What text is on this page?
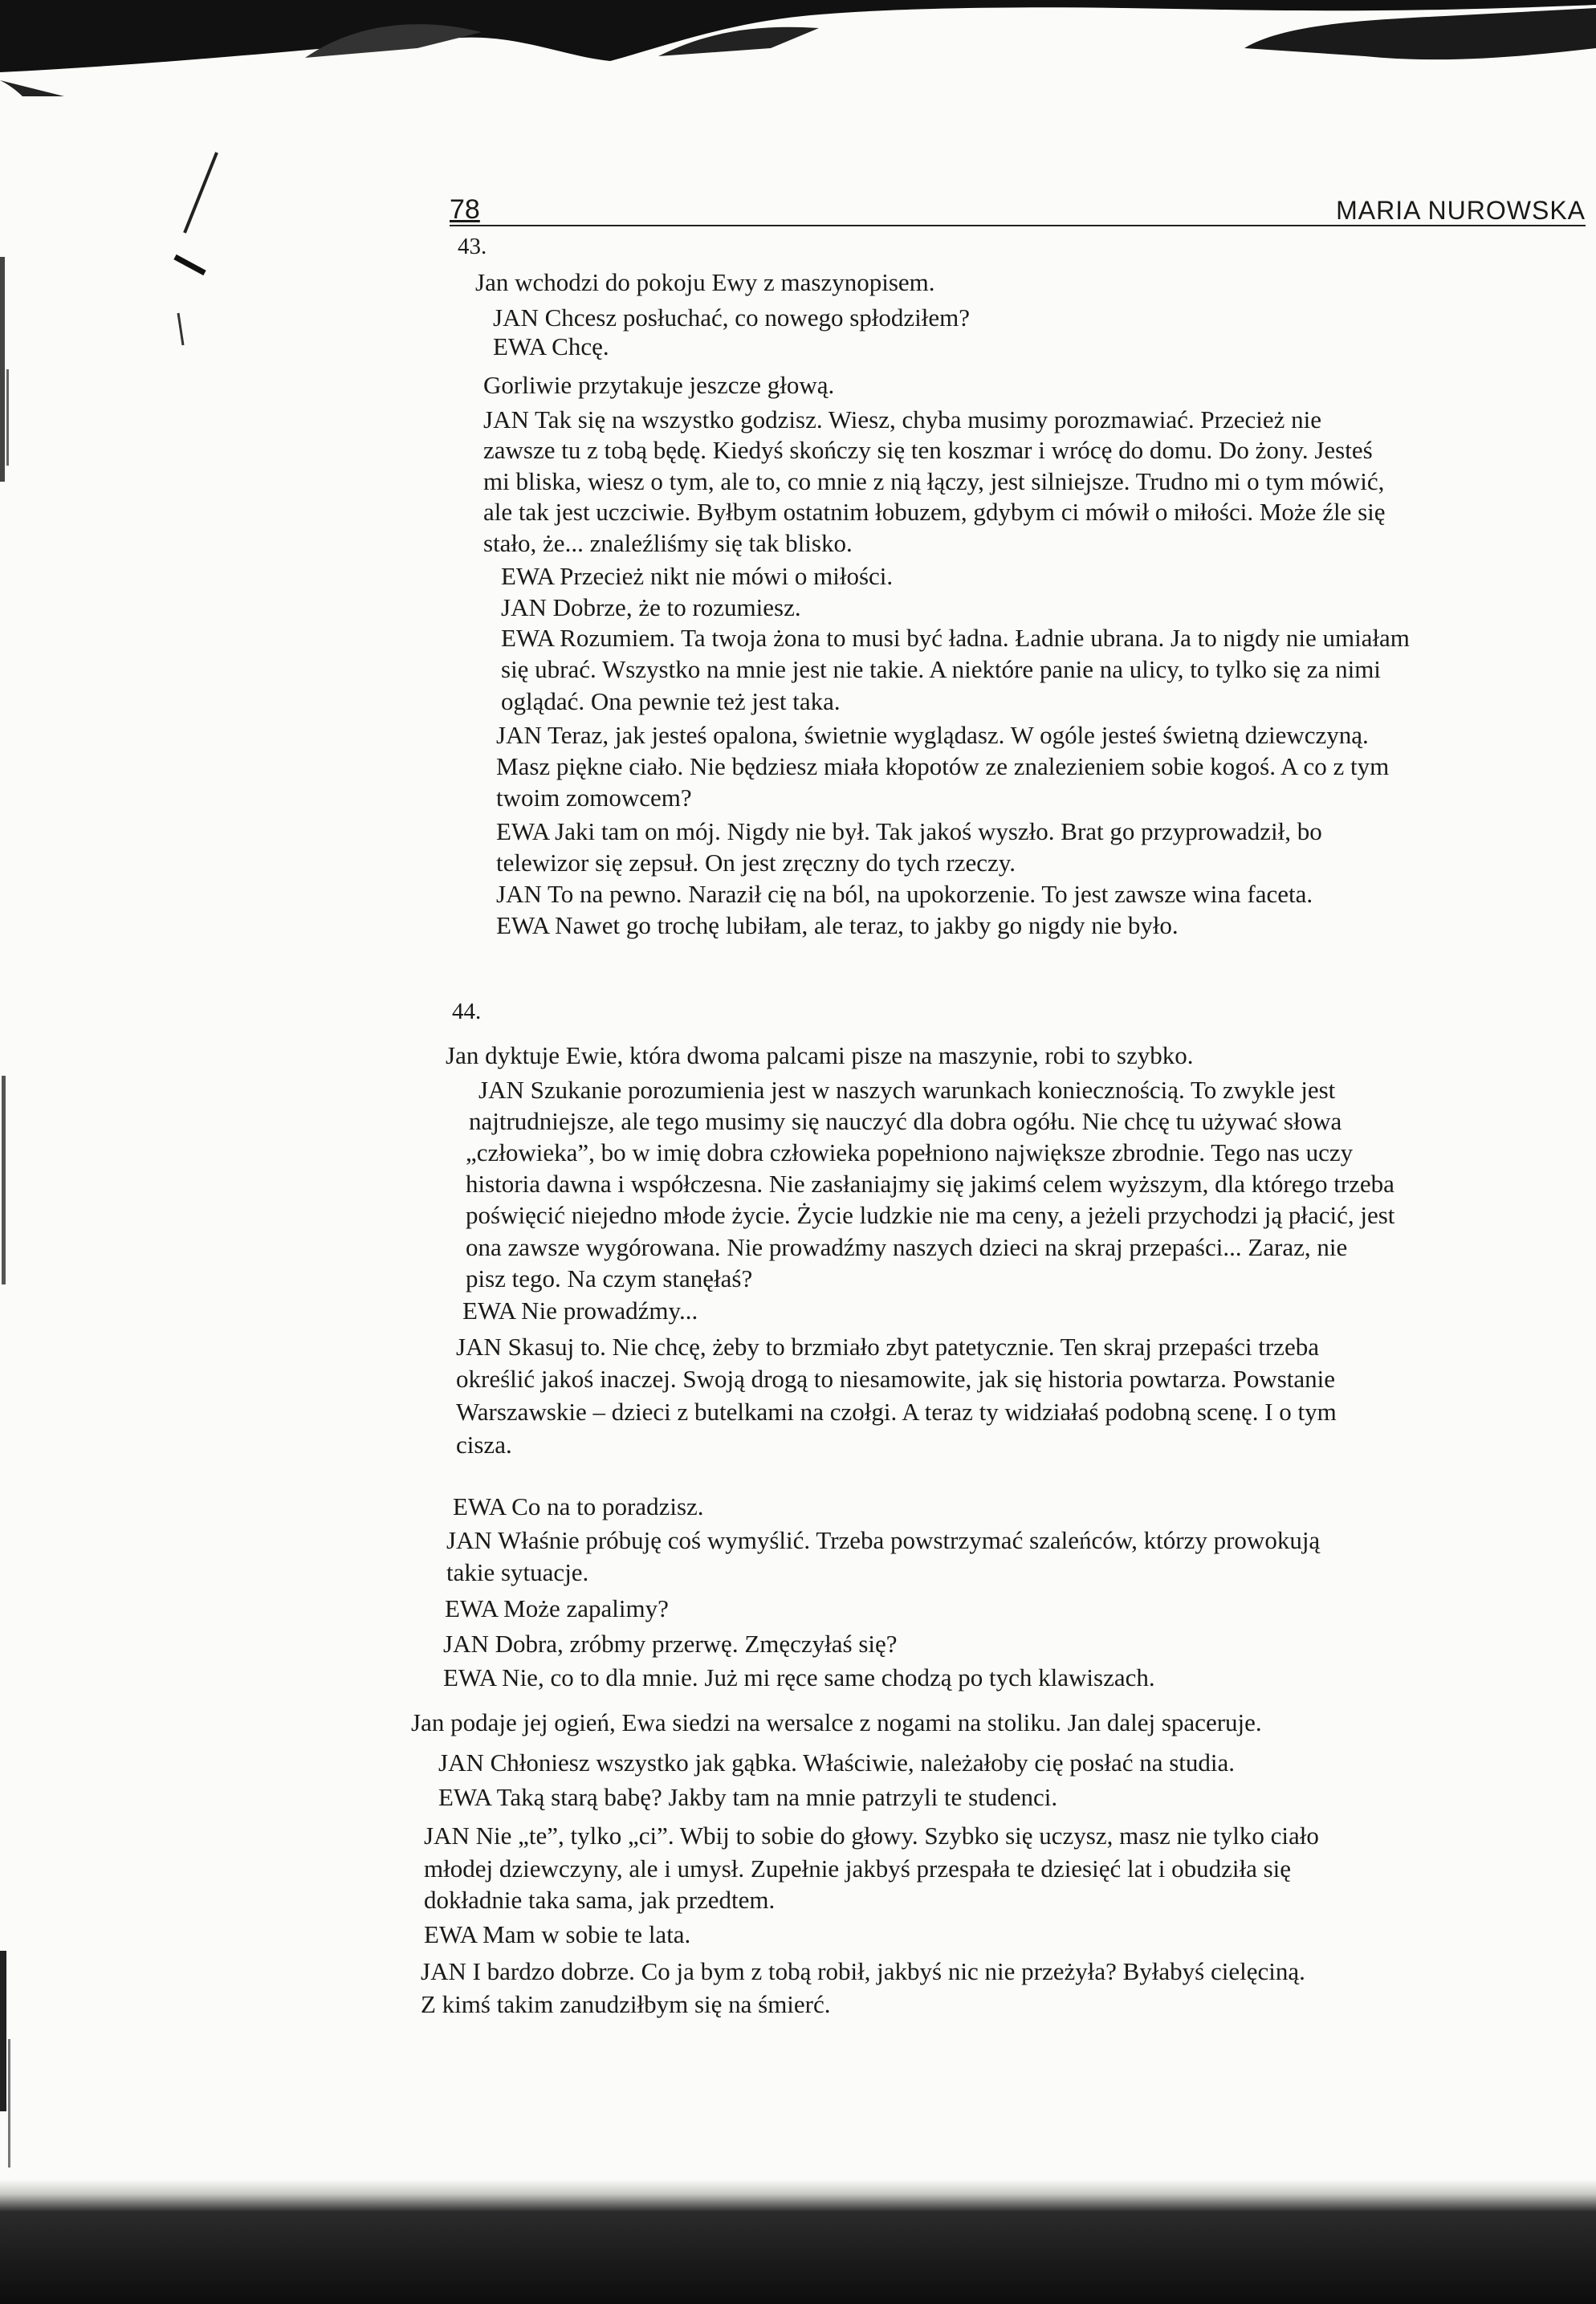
78	MARIA NUROWSKA
43.
Jan wchodzi do pokoju Ewy z maszynopisem.
JAN Chcesz posłuchać, co nowego spłodziłem?
EWA Chcę.
Gorliwie przytakuje jeszcze głową.
JAN Tak się na wszystko godzisz. Wiesz, chyba musimy porozmawiać. Przecież nie
zawsze tu z tobą będę. Kiedyś skończy się ten koszmar i wrócę do domu. Do żony. Jesteś
mi bliska, wiesz o tym, ale to, co mnie z nią łączy, jest silniejsze. Trudno mi o tym mówić,
ale tak jest uczciwie. Byłbym ostatnim łobuzem, gdybym ci mówił o miłości. Może źle się
stało, że... znaleźliśmy się tak blisko.
EWA Przecież nikt nie mówi o miłości.
JAN Dobrze, że to rozumiesz.
EWA Rozumiem. Ta twoja żona to musi być ładna. Ładnie ubrana. Ja to nigdy nie umiałam
się ubrać. Wszystko na mnie jest nie takie. A niektóre panie na ulicy, to tylko się za nimi
oglądać. Ona pewnie też jest taka.
JAN Teraz, jak jesteś opalona, świetnie wyglądasz. W ogóle jesteś świetną dziewczyną.
Masz piękne ciało. Nie będziesz miała kłopotów ze znalezieniem sobie kogoś. A co z tym
twoim zomowcem?
EWA Jaki tam on mój. Nigdy nie był. Tak jakoś wyszło. Brat go przyprowadził, bo
telewizor się zepsuł. On jest zręczny do tych rzeczy.
JAN To na pewno. Naraził cię na ból, na upokorzenie. To jest zawsze wina faceta.
EWA Nawet go trochę lubiłam, ale teraz, to jakby go nigdy nie było.
44.
Jan dyktuje Ewie, która dwoma palcami pisze na maszynie, robi to szybko.
JAN Szukanie porozumienia jest w naszych warunkach koniecznością. To zwykle jest
najtrudniejsze, ale tego musimy się nauczyć dla dobra ogółu. Nie chcę tu używać słowa
„człowieka”, bo w imię dobra człowieka popełniono największe zbrodnie. Tego nas uczy
historia dawna i współczesna. Nie zasłaniajmy się jakimś celem wyższym, dla którego trzeba
poświęcić niejedno młode życie. Życie ludzkie nie ma ceny, a jeżeli przychodzi ją płacić, jest
ona zawsze wygórowana. Nie prowadźmy naszych dzieci na skraj przepaści... Zaraz, nie
pisz tego. Na czym stanęłaś?
EWA Nie prowadźmy...
JAN Skasuj to. Nie chcę, żeby to brzmiało zbyt patetycznie. Ten skraj przepaści trzeba
określić jakoś inaczej. Swoją drogą to niesamowite, jak się historia powtarza. Powstanie
Warszawskie – dzieci z butelkami na czołgi. A teraz ty widziałaś podobną scenę. I o tym
cisza.
EWA Co na to poradzisz.
JAN Właśnie próbuję coś wymyślić. Trzeba powstrzymać szaleńców, którzy prowokują
takie sytuacje.
EWA Może zapalimy?
JAN Dobra, zróbmy przerwę. Zmęczyłaś się?
EWA Nie, co to dla mnie. Już mi ręce same chodzą po tych klawiszach.
Jan podaje jej ogień, Ewa siedzi na wersalce z nogami na stoliku. Jan dalej spaceruje.
JAN Chłoniesz wszystko jak gąbka. Właściwie, należałoby cię posłać na studia.
EWA Taką starą babę? Jakby tam na mnie patrzyli te studenci.
JAN Nie „te”, tylko „ci”. Wbij to sobie do głowy. Szybko się uczysz, masz nie tylko ciało
młodej dziewczyny, ale i umysł. Zupełnie jakbyś przespała te dziesięć lat i obudziła się
dokładnie taka sama, jak przedtem.
EWA Mam w sobie te lata.
JAN I bardzo dobrze. Co ja bym z tobą robił, jakbyś nic nie przeżyła? Byłabyś cielęciną.
Z kimś takim zanudziłbym się na śmierć.
